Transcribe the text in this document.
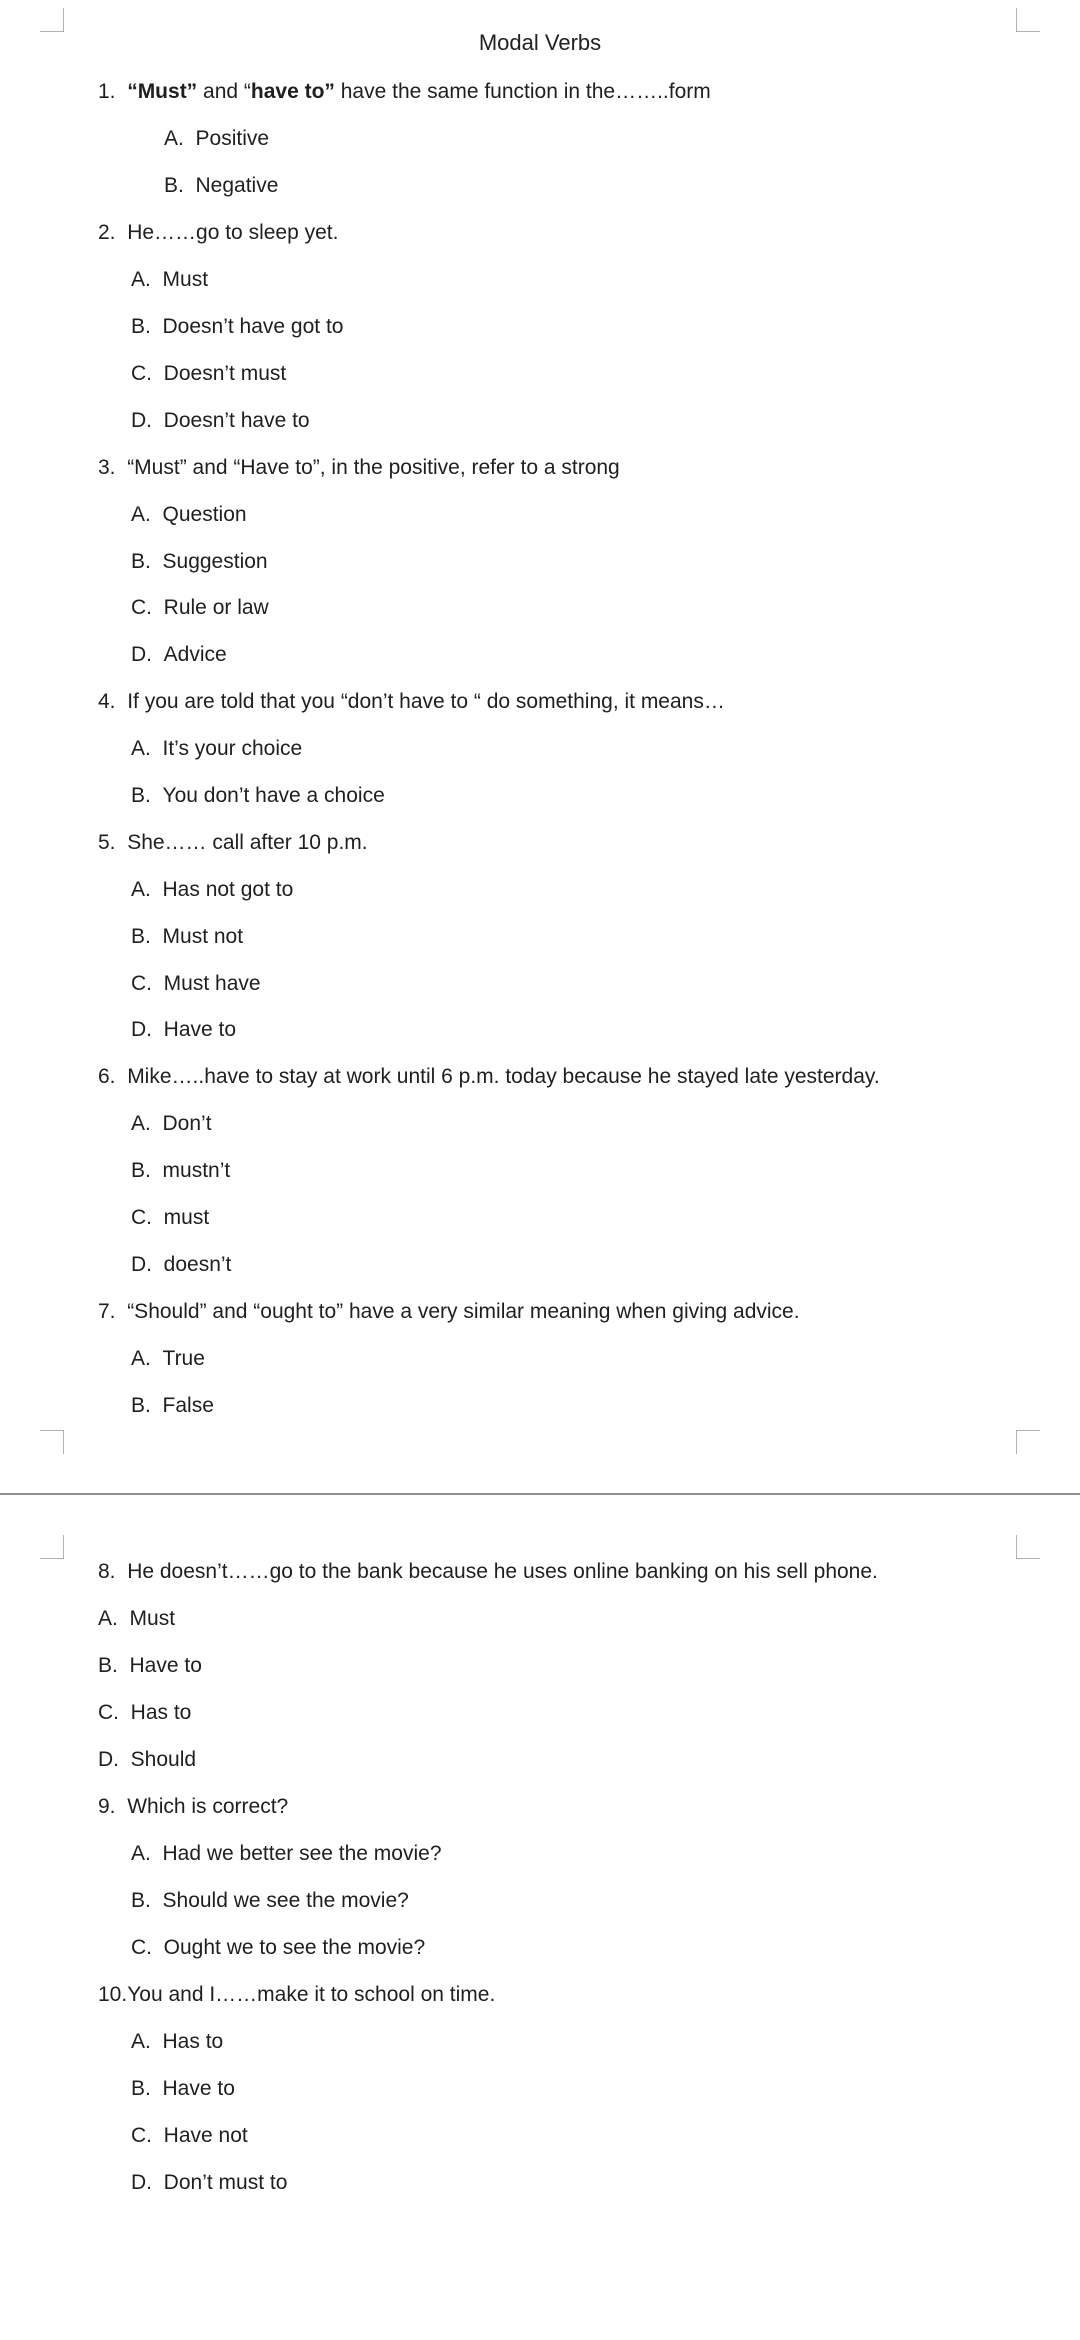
Modal Verbs
1. “Must” and “have to” have the same function in the……..form
A. Positive
B. Negative
2. He……go to sleep yet.
A. Must
B. Doesn’t have got to
C. Doesn’t must
D. Doesn’t have to
3. “Must” and “Have to”, in the positive, refer to a strong
A. Question
B. Suggestion
C. Rule or law
D. Advice
4. If you are told that you “don’t have to “ do something, it means…
A. It’s your choice
B. You don’t have a choice
5. She…… call after 10 p.m.
A. Has not got to
B. Must not
C. Must have
D. Have to
6. Mike…..have to stay at work until 6 p.m. today because he stayed late yesterday.
A. Don’t
B. mustn’t
C. must
D. doesn’t
7. “Should” and “ought to” have a very similar meaning when giving advice.
A. True
B. False
8. He doesn’t……go to the bank because he uses online banking on his sell phone.
A. Must
B. Have to
C. Has to
D. Should
9. Which is correct?
A. Had we better see the movie?
B. Should we see the movie?
C. Ought we to see the movie?
10.You and I……make it to school on time.
A. Has to
B. Have to
C. Have not
D. Don’t must to
